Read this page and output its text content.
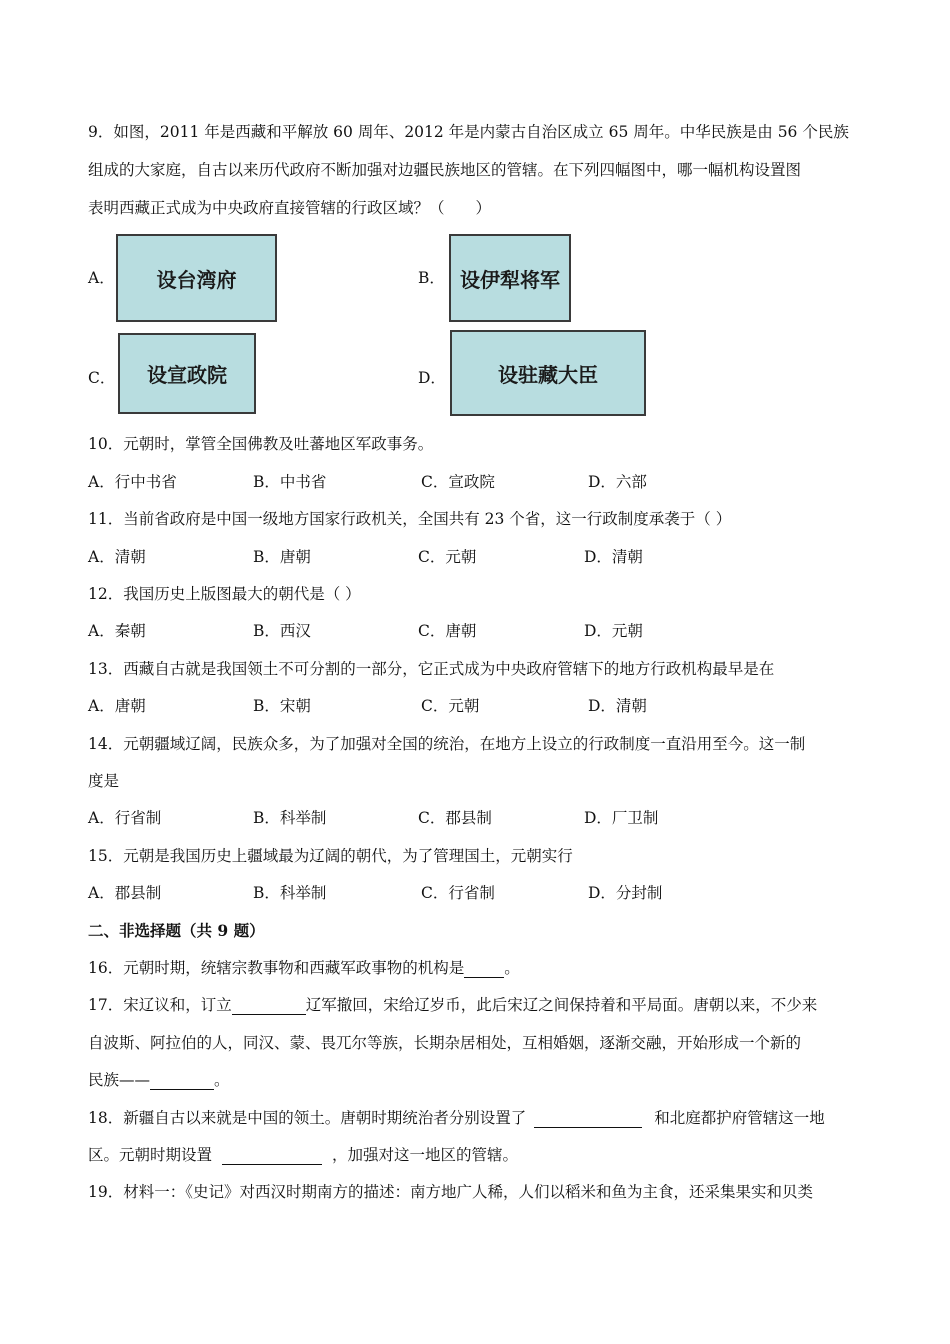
9．如图，2011 年是西藏和平解放 60 周年、2012 年是内蒙古自治区成立 65 周年。中华民族是由 56 个民族
组成的大家庭，自古以来历代政府不断加强对边疆民族地区的管辖。在下列四幅图中，哪一幅机构设置图
表明西藏正式成为中央政府直接管辖的行政区域？（　　）
A．	设台湾府	B． 设伊犁将军
C．	设宣政院	D．	设驻藏大臣
10．元朝时，掌管全国佛教及吐蕃地区军政事务。
A．行中书省	B．中书省	C．宣政院	D．六部
11．当前省政府是中国一级地方国家行政机关，全国共有 23 个省，这一行政制度承袭于（ ）
A．清朝	B．唐朝	C．元朝	D．清朝
12．我国历史上版图最大的朝代是（ ）
A．秦朝	B．西汉	C．唐朝	D．元朝
13．西藏自古就是我国领土不可分割的一部分，它正式成为中央政府管辖下的地方行政机构最早是在
A．唐朝	B．宋朝	C．元朝	D．清朝
14．元朝疆域辽阔，民族众多，为了加强对全国的统治，在地方上设立的行政制度一直沿用至今。这一制
度是
A．行省制	B．科举制	C．郡县制	D．厂卫制
15．元朝是我国历史上疆域最为辽阔的朝代，为了管理国土，元朝实行
A．郡县制	B．科举制	C．行省制	D．分封制
二、非选择题（共 9 题）
16．元朝时期，统辖宗教事物和西藏军政事物的机构是	。
17．宋辽议和，订立	辽军撤回，宋给辽岁币，此后宋辽之间保持着和平局面。唐朝以来，不少来
自波斯、阿拉伯的人，同汉、蒙、畏兀尔等族，长期杂居相处，互相婚姻，逐渐交融，开始形成一个新的
民族——	。
18．新疆自古以来就是中国的领土。唐朝时期统治者分别设置了	和北庭都护府管辖这一地
区。元朝时期设置	，加强对这一地区的管辖。
19．材料一：《史记》对西汉时期南方的描述：南方地广人稀，人们以稻米和鱼为主食，还采集果实和贝类
